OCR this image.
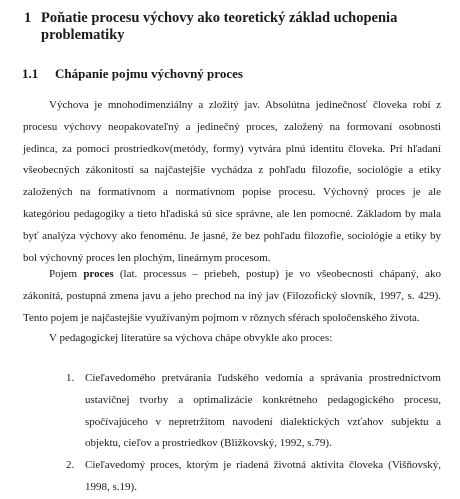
1 Poňatie procesu výchovy ako teoretický základ uchopenia problematiky
1.1 Chápanie pojmu výchovný proces

Výchova je mnohodimenziálny a zložitý jav. Absolútna jedinečnosť človeka robí z procesu výchovy neopakovateľný a jedinečný proces, založený na formovaní osobnosti jedinca, za pomoci prostriedkov(metódy, formy) vytvára plnú identitu človeka. Pri hľadaní všeobecných zákonitostí sa najčastejšie vychádza z pohľadu filozofie, sociológie a etiky založených na formatívnom a normatívnom popise procesu. Výchovný proces je ale kategóriou pedagogiky a tieto hľadiská sú sice správne, ale len pomocné. Základom by mala byť analýza výchovy ako fenoménu. Je jasné, že bez pohľadu filozofie, sociológie a etiky by bol výchovný proces len plochým, lineárnym procesom.

Pojem proces (lat. processus – priebeh, postup) je vo všeobecnosti chápaný, ako zákonitá, postupná zmena javu a jeho prechod na iný jav (Filozofický slovník, 1997, s. 429). Tento pojem je najčastejšie využívaným pojmom v rôznych sférach spoločenského života.

V pedagogickej literatúre sa výchova chápe obvykle ako proces:

1. Cieľavedomého pretvárania ľudského vedomia a správania prostredníctvom ustavičnej tvorby a optimalizácie konkrétneho pedagogického procesu, spočívajúceho v nepretržitom navodení dialektických vzťahov subjektu a objektu, cieľov a prostriedkov (Bližkovský, 1992, s.79).
2. Cieľavedomý proces, ktorým je riadená životná aktivita človeka (Višňovský, 1998, s.19).
